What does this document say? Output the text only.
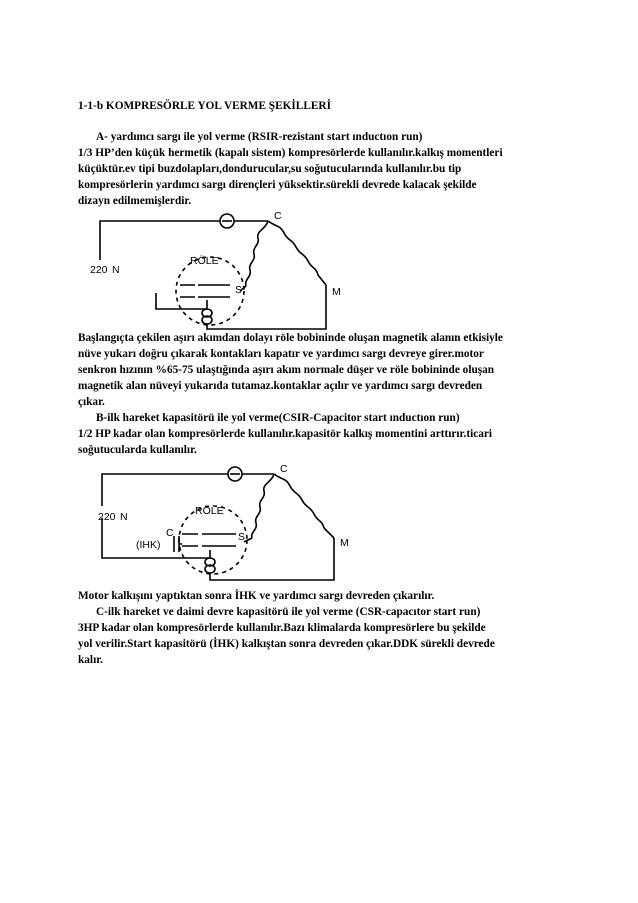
1-1-b KOMPRESÖRLE YOL VERME ŞEKİLLERİ
A- yardımcı sargı ile yol verme (RSIR-rezistant start ınductıon run)
1/3 HP’den küçük hermetik (kapalı sistem) kompresörlerde kullanılır.kalkış momentleri
küçüktür.ev tipi buzdolapları,dondurucular,su soğutucularında kullanılır.bu tip
kompresörlerin yardımcı sargı dirençleri yüksektir.sürekli devrede kalacak şekilde
dizayn edilmemişlerdir.
220 N
RÖLE
C
S	M
Başlangıçta çekilen aşırı akımdan dolayı röle bobininde oluşan magnetik alanın etkisiyle
nüve yukarı doğru çıkarak kontakları kapatır ve yardımcı sargı devreye girer.motor
senkron hızının %65-75 ulaştığında aşırı akım normale düşer ve röle bobininde oluşan
magnetik alan nüveyi yukarıda tutamaz.kontaklar açılır ve yardımcı sargı devreden
çıkar.
B-ilk hareket kapasitörü ile yol verme(CSIR-Capacitor start ınductıon run)
1/2 HP kadar olan kompresörlerde kullanılır.kapasitör kalkış momentini arttırır.ticari
soğutucularda kullanılır.
220 N	RÖLE
(IHK)
C
C
S	M
Motor kalkışını yaptıktan sonra İHK ve yardımcı sargı devreden çıkarılır.
C-ilk hareket ve daimi devre kapasitörü ile yol verme (CSR-capacıtor start run)
3HP kadar olan kompresörlerde kullanılır.Bazı klimalarda kompresörlere bu şekilde
yol verilir.Start kapasitörü (İHK) kalkıştan sonra devreden çıkar.DDK sürekli devrede
kalır.
